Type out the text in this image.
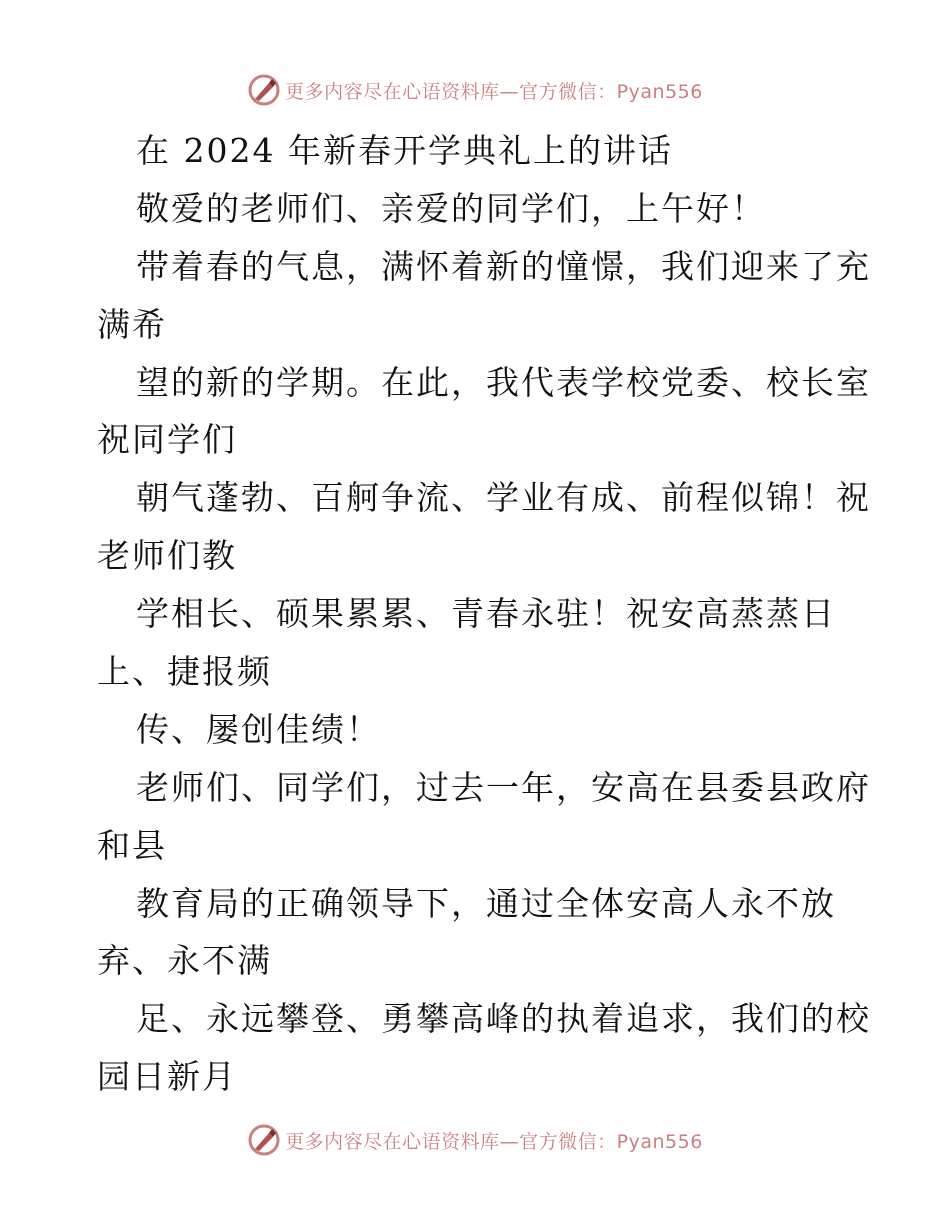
更多内容尽在心语资料库—官方微信：Pyan556
在 2024 年新春开学典礼上的讲话
敬爱的老师们、亲爱的同学们，上午好！
带着春的气息，满怀着新的憧憬，我们迎来了充
满希
望的新的学期。在此，我代表学校党委、校长室
祝同学们
朝气蓬勃、百舸争流、学业有成、前程似锦！祝
老师们教
学相长、硕果累累、青春永驻！祝安高蒸蒸日
上、捷报频
传、屡创佳绩！
老师们、同学们，过去一年，安高在县委县政府
和县
教育局的正确领导下，通过全体安高人永不放
弃、永不满
足、永远攀登、勇攀高峰的执着追求，我们的校
园日新月
更多内容尽在心语资料库—官方微信：Pyan556
